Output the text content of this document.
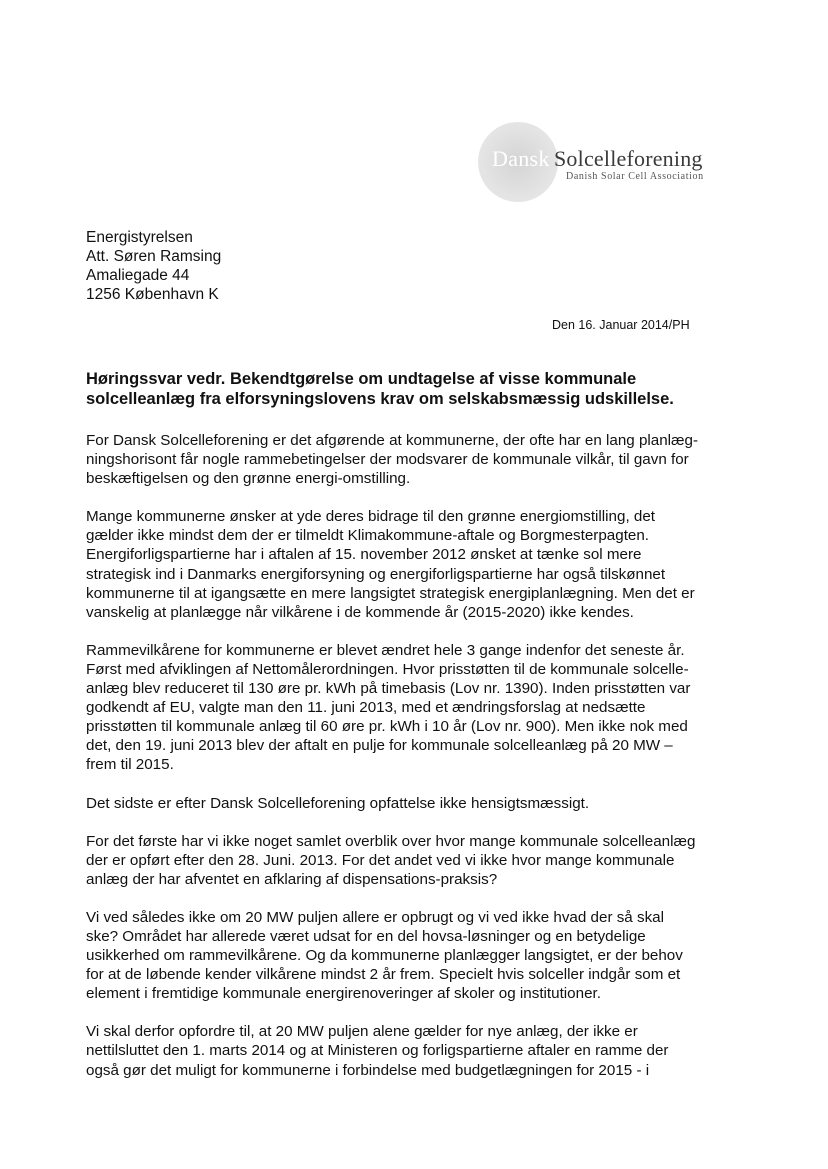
Dansk Solcelleforening
Danish Solar Cell Association
Energistyrelsen
Att. Søren Ramsing
Amaliegade 44
1256 København K
Den 16. Januar 2014/PH
Høringssvar vedr. Bekendtgørelse om undtagelse af visse kommunale
solcelleanlæg fra elforsyningslovens krav om selskabsmæssig udskillelse.

For Dansk Solcelleforening er det afgørende at kommunerne, der ofte har en lang planlæg-
ningshorisont får nogle rammebetingelser der modsvarer de kommunale vilkår, til gavn for
beskæftigelsen og den grønne energi-omstilling.

Mange kommunerne ønsker at yde deres bidrage til den grønne energiomstilling, det
gælder ikke mindst dem der er tilmeldt Klimakommune-aftale og Borgmesterpagten.
Energiforligspartierne har i aftalen af 15. november 2012 ønsket at tænke sol mere
strategisk ind i Danmarks energiforsyning og energiforligspartierne har også tilskønnet
kommunerne til at igangsætte en mere langsigtet strategisk energiplanlægning. Men det er
vanskelig at planlægge når vilkårene i de kommende år (2015-2020) ikke kendes.

Rammevilkårene for kommunerne er blevet ændret hele 3 gange indenfor det seneste år.
Først med afviklingen af Nettomålerordningen. Hvor prisstøtten til de kommunale solcelle-
anlæg blev reduceret til 130 øre pr. kWh på timebasis (Lov nr. 1390). Inden prisstøtten var
godkendt af EU, valgte man den 11. juni 2013, med et ændringsforslag at nedsætte
prisstøtten til kommunale anlæg til 60 øre pr. kWh i 10 år (Lov nr. 900). Men ikke nok med
det, den 19. juni 2013 blev der aftalt en pulje for kommunale solcelleanlæg på 20 MW –
frem til 2015.

Det sidste er efter Dansk Solcelleforening opfattelse ikke hensigtsmæssigt.

For det første har vi ikke noget samlet overblik over hvor mange kommunale solcelleanlæg
der er opført efter den 28. Juni. 2013. For det andet ved vi ikke hvor mange kommunale
anlæg der har afventet en afklaring af dispensations-praksis?

Vi ved således ikke om 20 MW puljen allere er opbrugt og vi ved ikke hvad der så skal
ske? Området har allerede været udsat for en del hovsa-løsninger og en betydelige
usikkerhed om rammevilkårene. Og da kommunerne planlægger langsigtet, er der behov
for at de løbende kender vilkårene mindst 2 år frem. Specielt hvis solceller indgår som et
element i fremtidige kommunale energirenoveringer af skoler og institutioner.

Vi skal derfor opfordre til, at 20 MW puljen alene gælder for nye anlæg, der ikke er
nettilsluttet den 1. marts 2014 og at Ministeren og forligspartierne aftaler en ramme der
også gør det muligt for kommunerne i forbindelse med budgetlægningen for 2015 - i
